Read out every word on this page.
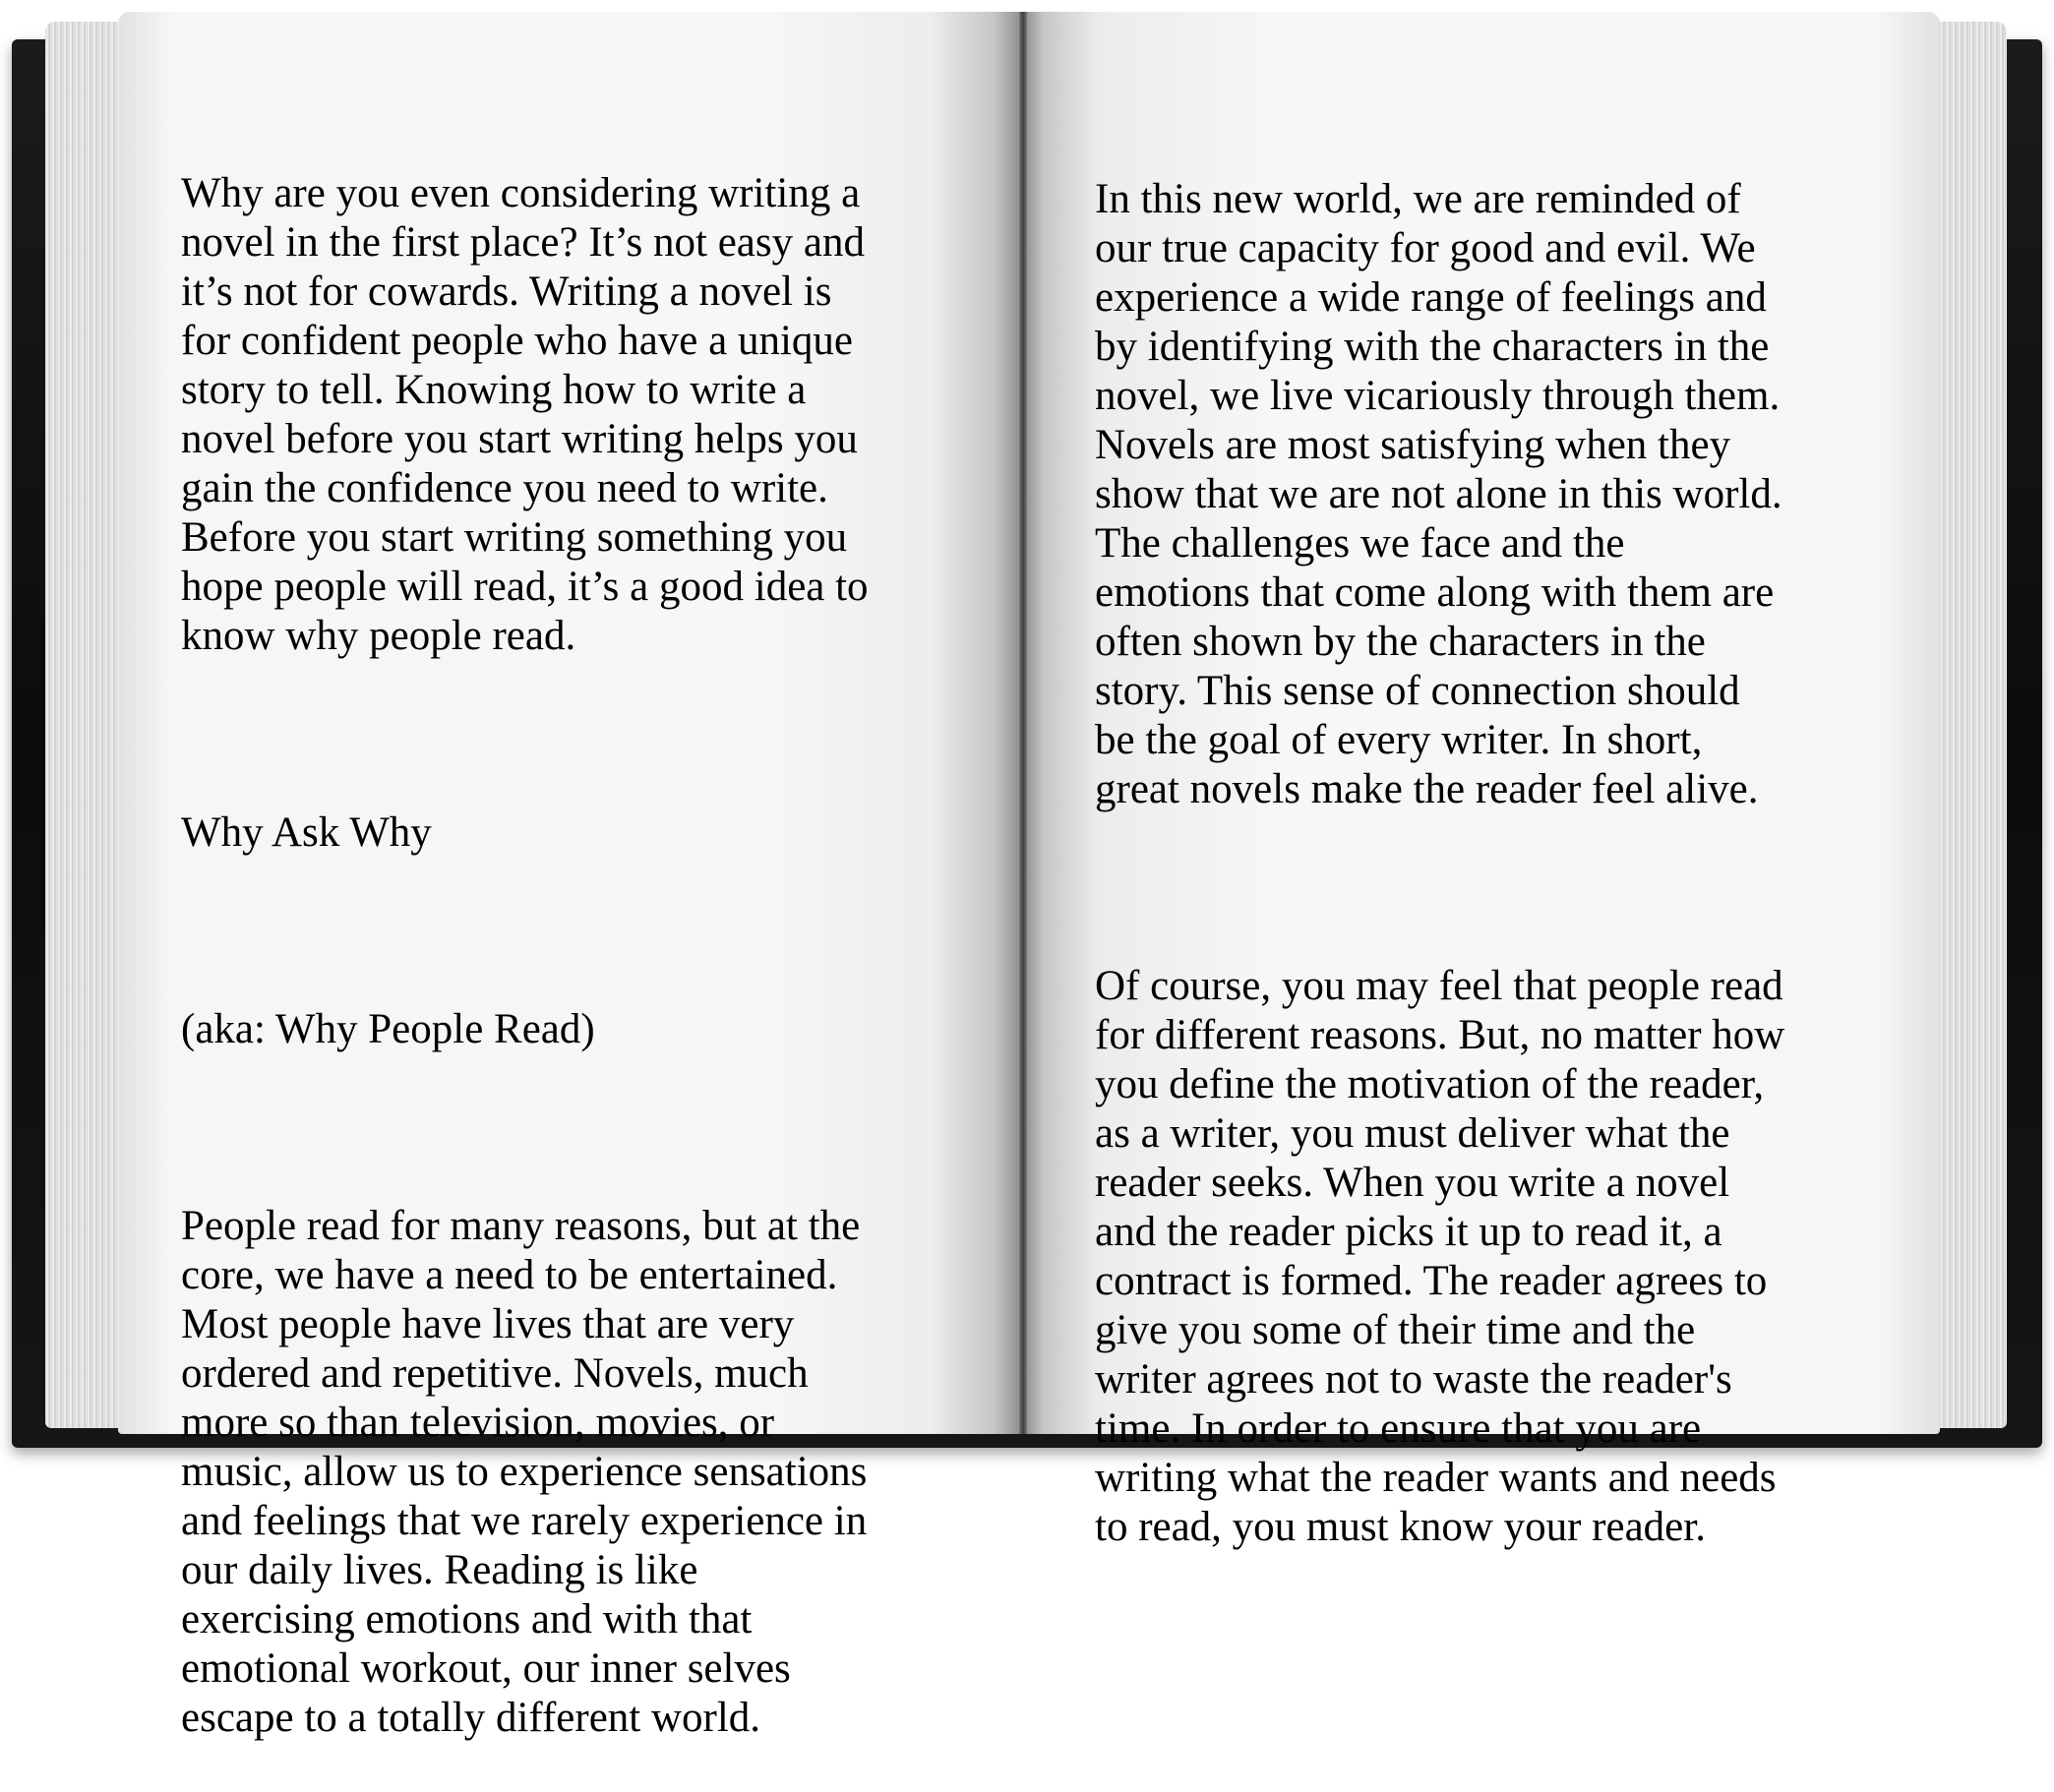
Why are you even considering writing a
novel in the first place? It’s not easy and
it’s not for cowards. Writing a novel is
for confident people who have a unique
story to tell. Knowing how to write a
novel before you start writing helps you
gain the confidence you need to write.
Before you start writing something you
hope people will read, it’s a good idea to
know why people read.

Why Ask Why

(aka: Why People Read)

People read for many reasons, but at the
core, we have a need to be entertained.
Most people have lives that are very
ordered and repetitive. Novels, much
more so than television, movies, or
music, allow us to experience sensations
and feelings that we rarely experience in
our daily lives. Reading is like
exercising emotions and with that
emotional workout, our inner selves
escape to a totally different world.

In this new world, we are reminded of
our true capacity for good and evil. We
experience a wide range of feelings and
by identifying with the characters in the
novel, we live vicariously through them.
Novels are most satisfying when they
show that we are not alone in this world.
The challenges we face and the
emotions that come along with them are
often shown by the characters in the
story. This sense of connection should
be the goal of every writer. In short,
great novels make the reader feel alive.

Of course, you may feel that people read
for different reasons. But, no matter how
you define the motivation of the reader,
as a writer, you must deliver what the
reader seeks. When you write a novel
and the reader picks it up to read it, a
contract is formed. The reader agrees to
give you some of their time and the
writer agrees not to waste the reader's
time. In order to ensure that you are
writing what the reader wants and needs
to read, you must know your reader.
